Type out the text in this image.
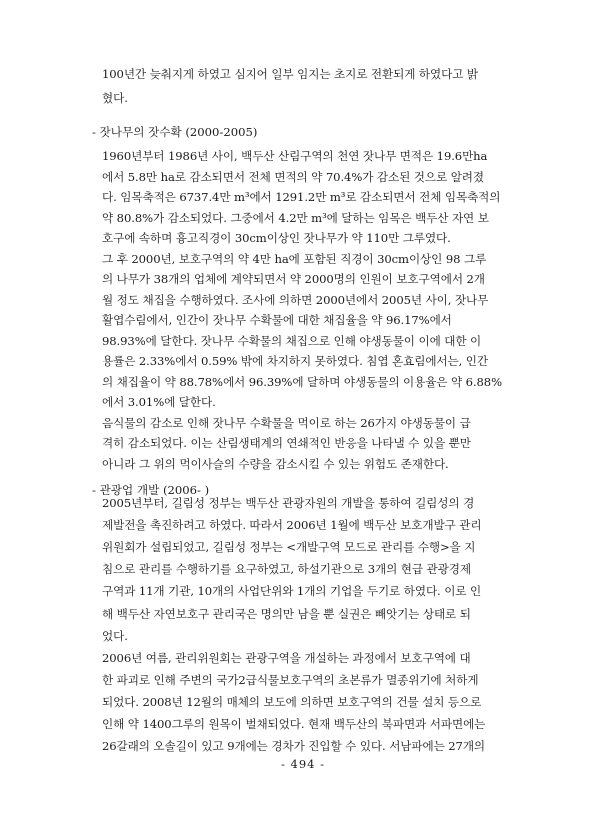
100년간 늦춰지게 하였고 심지어 일부 임지는 초지로 전환되게 하였다고 밝
혔다.
- 잣나무의 잣수확 (2000-2005)
1960년부터 1986년 사이, 백두산 산림구역의 천연 잣나무 면적은 19.6만ha
에서 5.8만 ha로 감소되면서 전체 면적의 약 70.4%가 감소된 것으로 알려졌
다. 임목축적은 6737.4만 m³에서 1291.2만 m³로 감소되면서 전체 임목축적의
약 80.8%가 감소되었다. 그중에서 4.2만 m³에 달하는 임목은 백두산 자연 보
호구에 속하며 흉고직경이 30cm이상인 잣나무가 약 110만 그루였다.
그 후 2000년, 보호구역의 약 4만 ha에 포함된 직경이 30cm이상인 98 그루
의 나무가 38개의 업체에 계약되면서 약 2000명의 인원이 보호구역에서 2개
월 정도 채집을 수행하였다. 조사에 의하면 2000년에서 2005년 사이, 잣나무
활엽수림에서, 인간이 잣나무 수확물에 대한 채집율을 약 96.17%에서
98.93%에 달한다. 잣나무 수확물의 채집으로 인해 야생동물이 이에 대한 이
용률은 2.33%에서 0.59% 밖에 차지하지 못하였다. 침엽 혼효림에서는, 인간
의 채집율이 약 88.78%에서 96.39%에 달하며 야생동물의 이용율은 약 6.88%
에서 3.01%에 달한다.
음식물의 감소로 인해 잣나무 수확물을 먹이로 하는 26가지 야생동물이 급
격히 감소되었다. 이는 산림생태계의 연쇄적인 반응을 나타낼 수 있을 뿐만
아니라 그 위의 먹이사슬의 수량을 감소시킬 수 있는 위험도 존재한다.
- 관광업 개발 (2006- )
2005년부터, 길림성 정부는 백두산 관광자원의 개발을 통하여 길림성의 경
제발전을 촉진하려고 하였다. 따라서 2006년 1월에 백두산 보호개발구 관리
위원회가 설립되었고, 길림성 정부는 <개발구역 모드로 관리를 수행>을 지
침으로 관리를 수행하기를 요구하였고, 하설기관으로 3개의 현급 관광경제
구역과 11개 기관, 10개의 사업단위와 1개의 기업을 두기로 하였다. 이로 인
해 백두산 자연보호구 관리국은 명의만 남을 뿐 실권은 빼앗기는 상태로 되
었다.
2006년 여름, 관리위원회는 관광구역을 개설하는 과정에서 보호구역에 대
한 파괴로 인해 주변의 국가2급식물보호구역의 초본류가 멸종위기에 처하게
되었다. 2008년 12월의 매체의 보도에 의하면 보호구역의 건물 설치 등으로
인해 약 1400그루의 원목이 벌채되었다. 현재 백두산의 북파면과 서파면에는
26갈래의 오솔길이 있고 9개에는 경차가 진입할 수 있다. 서남파에는 27개의
- 494 -
